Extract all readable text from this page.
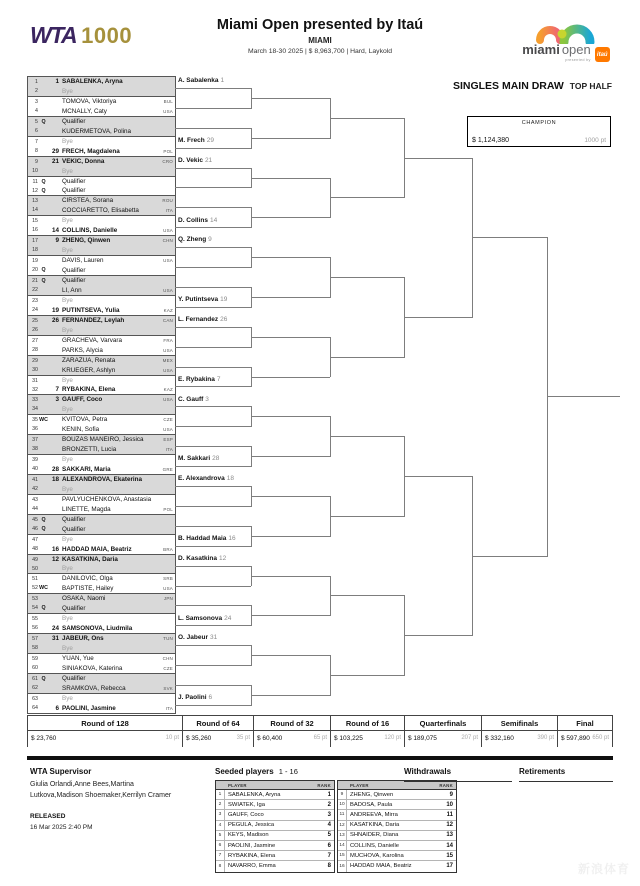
WTA 1000	Miami Open presented by Itaú
MIAMI
March 18-30 2025 | $ 8,963,700 | Hard, Laykold	miami open
presented by
itaú
SINGLES MAIN DRAW TOP HALF
CHAMPION
$ 1,124,380	1000 pt
1	1 SABALENKA, Aryna
2	Bye
3	TOMOVA, Viktoriya	BUL
4	MCNALLY, Caty	USA
5 Q	Qualifier
6	KUDERMETOVA, Polina
7	Bye
8	29 FRECH, Magdalena	POL
9	21 VEKIC, Donna	CRO
10	Bye
11 Q	Qualifier
12 Q	Qualifier
13	CIRSTEA, Sorana	ROU
14	COCCIARETTO, Elisabetta	ITA
15	Bye
16	14 COLLINS, Danielle	USA
17	9 ZHENG, Qinwen	CHN
18	Bye
19	DAVIS, Lauren	USA
20 Q	Qualifier
21 Q	Qualifier
22	LI, Ann	USA
23	Bye
24	19 PUTINTSEVA, Yulia	KAZ
25	26 FERNANDEZ, Leylah	CAN
26	Bye
27	GRACHEVA, Varvara	FRA
28	PARKS, Alycia	USA
29	ZARAZUA, Renata	MEX
30	KRUEGER, Ashlyn	USA
31	Bye
32	7 RYBAKINA, Elena	KAZ
33	3 GAUFF, Coco	USA
34	Bye
35 WC KVITOVA, Petra	CZE
36	KENIN, Sofia	USA
37	BOUZAS MANEIRO, Jessica	ESP
38	BRONZETTI, Lucia	ITA
39	Bye
40	28 SAKKARI, Maria	GRE
41	18 ALEXANDROVA, Ekaterina
42	Bye
43	PAVLYUCHENKOVA, Anastasia
44	LINETTE, Magda	POL
45 Q	Qualifier
46 Q	Qualifier
47	Bye
48	16 HADDAD MAIA, Beatriz	BRA
49	12 KASATKINA, Daria
50	Bye
51	DANILOVIC, Olga	SRB
52 WC BAPTISTE, Hailey	USA
53	OSAKA, Naomi	JPN
54 Q	Qualifier
55	Bye
56	24 SAMSONOVA, Liudmila
57	31 JABEUR, Ons	TUN
58	Bye
59	YUAN, Yue	CHN
60	SINIAKOVA, Katerina	CZE
61 Q	Qualifier
62	SRAMKOVA, Rebecca	SVK
63	Bye
64	6 PAOLINI, Jasmine	ITA
A. Sabalenka 1
M. Frech 29
D. Vekic 21
D. Collins 14
Q. Zheng 9
Y. Putintseva 19
L. Fernandez 26
E. Rybakina 7
C. Gauff 3
M. Sakkari 28
E. Alexandrova 18
B. Haddad Maia 16
D. Kasatkina 12
L. Samsonova 24
O. Jabeur 31
J. Paolini 6
Round of 128
$ 23,760	10 pt
Round of 64
$ 35,260	35 pt
Round of 32
$ 60,400	65 pt
Round of 16
$ 103,225	120 pt
Quarterfinals
$ 189,075	207 pt
Semifinals
$ 332,160	390 pt
Final
$ 597,890 650 pt
WTA Supervisor
Giulia Orlandi,Anne Bees,Martina
Lutkova,Madison Shoemaker,Kerrilyn Cramer
RELEASED
16 Mar 2025 2:40 PM
Seeded players 1 - 16
PLAYER	RANK
1	SABALENKA, Aryna	1
2	SWIATEK, Iga	2
3	GAUFF, Coco	3
4	PEGULA, Jessica	4
5	KEYS, Madison	5
6	PAOLINI, Jasmine	6
7	RYBAKINA, Elena	7
8	NAVARRO, Emma	8
PLAYER	RANK
9	ZHENG, Qinwen	9
10 BADOSA, Paula	10
11 ANDREEVA, Mirra	11
12 KASATKINA, Daria	12
13 SHNAIDER, Diana	13
14 COLLINS, Danielle	14
15 MUCHOVA, Karolina	15
16 HADDAD MAIA, Beatriz	17
Withdrawals	Retirements
新浪体育
